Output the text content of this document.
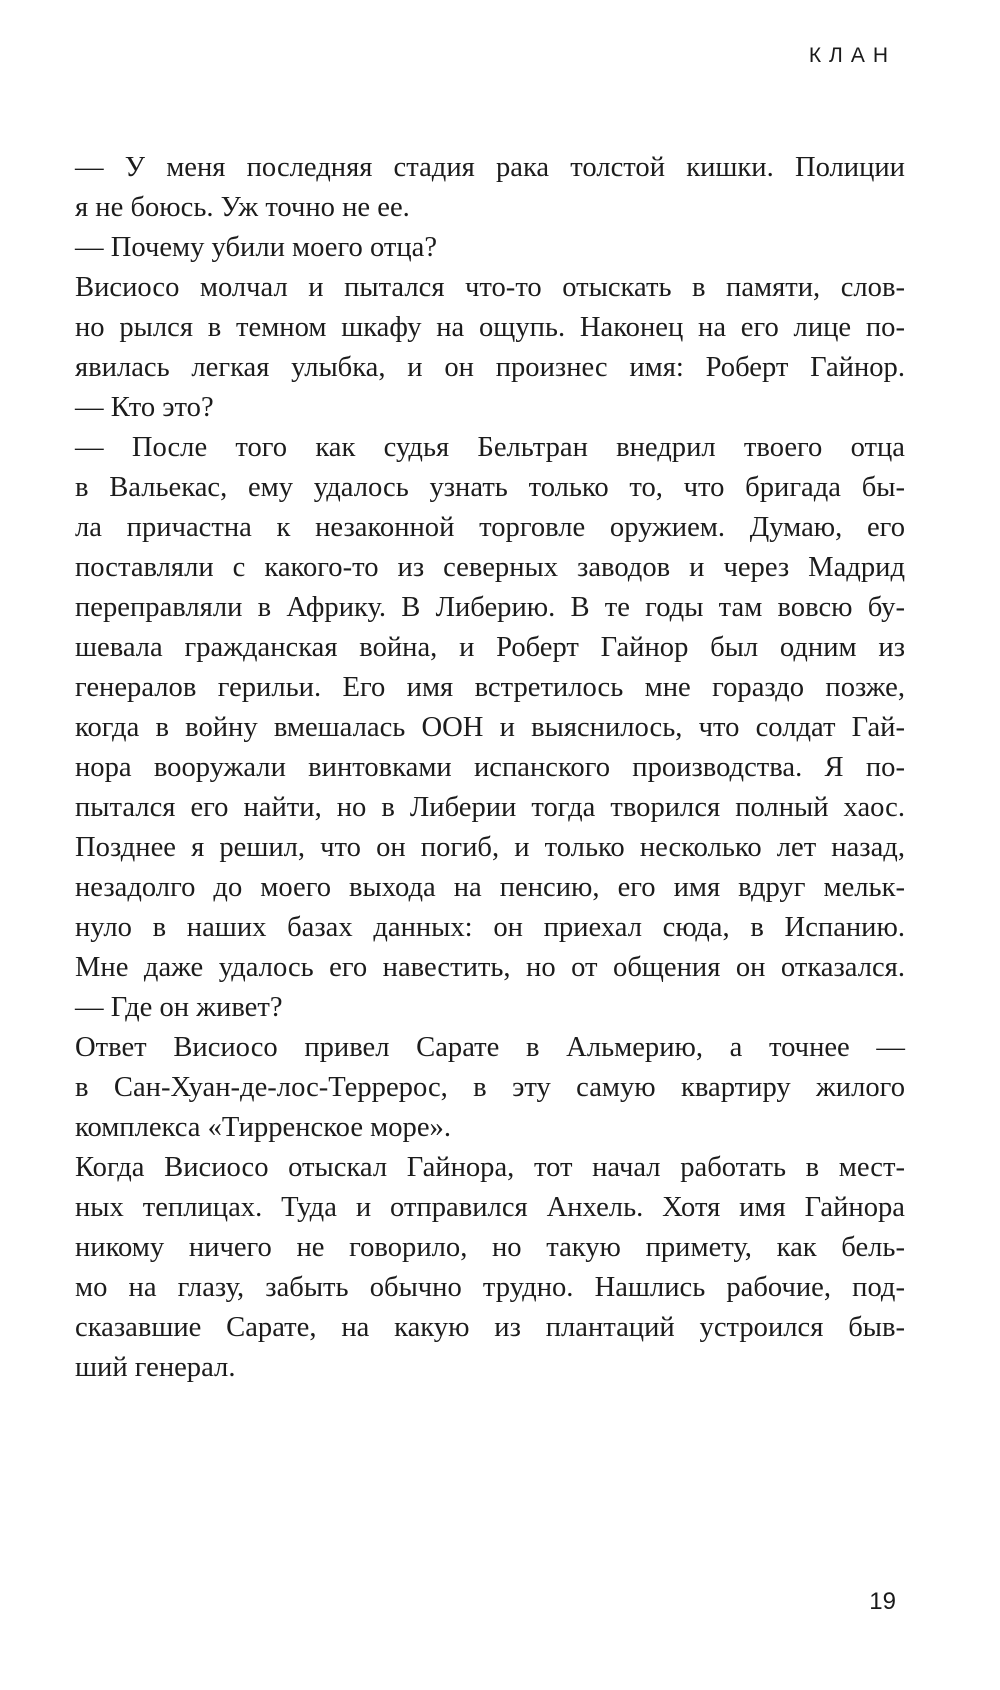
КЛАН
— У меня последняя стадия рака толстой кишки. Полиции
я не боюсь. Уж точно не ее.
— Почему убили моего отца?
Висиосо молчал и пытался что-то отыскать в памяти, слов-
но рылся в темном шкафу на ощупь. Наконец на его лице по-
явилась легкая улыбка, и он произнес имя: Роберт Гайнор.
— Кто это?
— После того как судья Бельтран внедрил твоего отца
в Вальекас, ему удалось узнать только то, что бригада бы-
ла причастна к незаконной торговле оружием. Думаю, его
поставляли с какого-то из северных заводов и через Мадрид
переправляли в Африку. В Либерию. В те годы там вовсю бу-
шевала гражданская война, и Роберт Гайнор был одним из
генералов герильи. Его имя встретилось мне гораздо позже,
когда в войну вмешалась ООН и выяснилось, что солдат Гай-
нора вооружали винтовками испанского производства. Я по-
пытался его найти, но в Либерии тогда творился полный хаос.
Позднее я решил, что он погиб, и только несколько лет назад,
незадолго до моего выхода на пенсию, его имя вдруг мельк-
нуло в наших базах данных: он приехал сюда, в Испанию.
Мне даже удалось его навестить, но от общения он отказался.
— Где он живет?
Ответ Висиосо привел Сарате в Альмерию, а точнее —
в Сан-Хуан-де-лос-Террерос, в эту самую квартиру жилого
комплекса «Тирренское море».
Когда Висиосо отыскал Гайнора, тот начал работать в мест-
ных теплицах. Туда и отправился Анхель. Хотя имя Гайнора
никому ничего не говорило, но такую примету, как бель-
мо на глазу, забыть обычно трудно. Нашлись рабочие, под-
сказавшие Сарате, на какую из плантаций устроился быв-
ший генерал.
19
